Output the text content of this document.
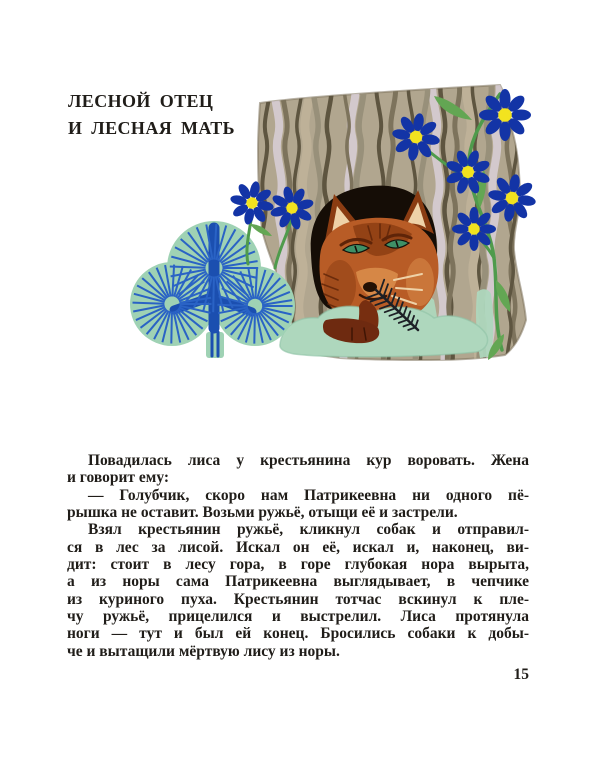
ЛЕСНОЙ ОТЕЦ
И ЛЕСНАЯ МАТЬ
Повадилась лиса у крестьянина кур воровать. Жена
и говорит ему:
— Голубчик, скоро нам Патрикеевна ни одного пё-
рышка не оставит. Возьми ружьё, отыщи её и застрели.
Взял крестьянин ружьё, кликнул собак и отправил-
ся в лес за лисой. Искал он её, искал и, наконец, ви-
дит: стоит в лесу гора, в горе глубокая нора вырыта,
а из норы сама Патрикеевна выглядывает, в чепчике
из куриного пуха. Крестьянин тотчас вскинул к пле-
чу ружьё, прицелился и выстрелил. Лиса протянула
ноги — тут и был ей конец. Бросились собаки к добы-
че и вытащили мёртвую лису из норы.
15
